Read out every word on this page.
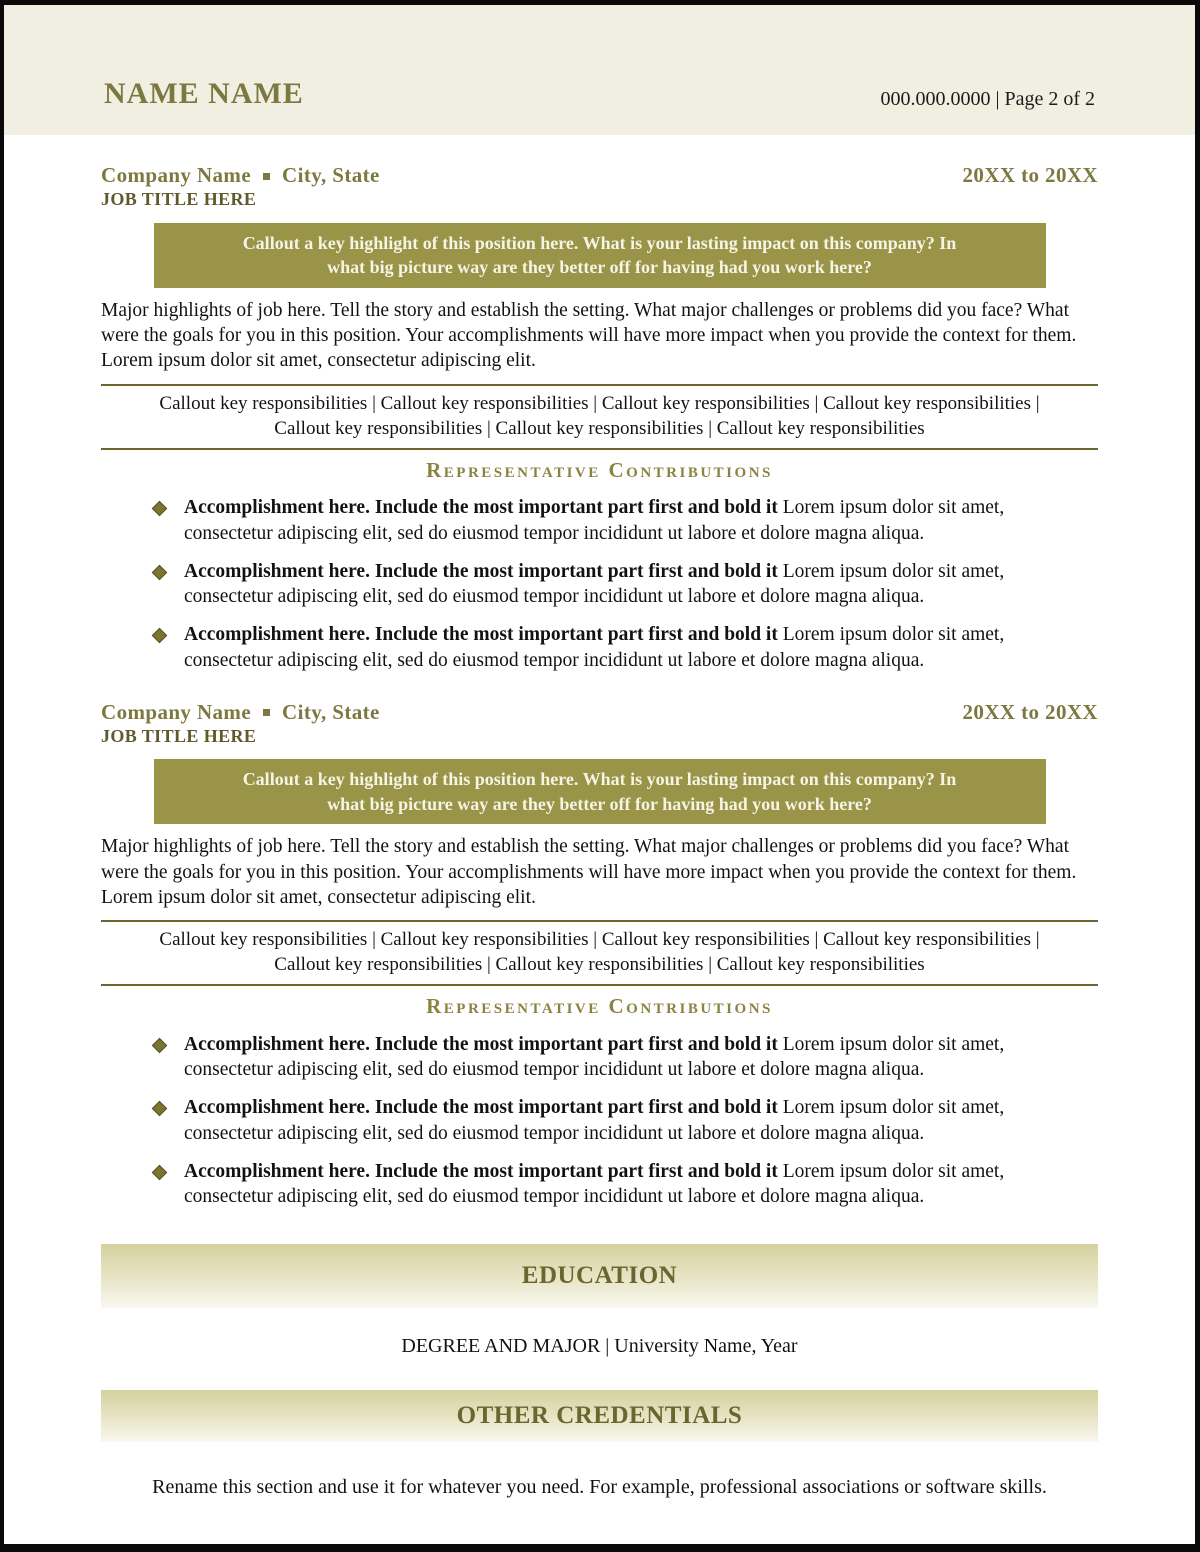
NAME NAME	000.000.0000 | Page 2 of 2
Company Name City, State	20XX to 20XX
JOB TITLE HERE
Callout a key highlight of this position here. What is your lasting impact on this company? In
what big picture way are they better off for having had you work here?
Major highlights of job here. Tell the story and establish the setting. What major challenges or problems did you face? What were the goals for you in this position. Your accomplishments will have more impact when you provide the context for them. Lorem ipsum dolor sit amet, consectetur adipiscing elit.
Callout key responsibilities | Callout key responsibilities | Callout key responsibilities | Callout key responsibilities |
Callout key responsibilities | Callout key responsibilities | Callout key responsibilities
Representative Contributions
Accomplishment here. Include the most important part first and bold it Lorem ipsum dolor sit amet, consectetur adipiscing elit, sed do eiusmod tempor incididunt ut labore et dolore magna aliqua.
Accomplishment here. Include the most important part first and bold it Lorem ipsum dolor sit amet, consectetur adipiscing elit, sed do eiusmod tempor incididunt ut labore et dolore magna aliqua.
Accomplishment here. Include the most important part first and bold it Lorem ipsum dolor sit amet, consectetur adipiscing elit, sed do eiusmod tempor incididunt ut labore et dolore magna aliqua.
Company Name City, State	20XX to 20XX
JOB TITLE HERE
Callout a key highlight of this position here. What is your lasting impact on this company? In
what big picture way are they better off for having had you work here?
Major highlights of job here. Tell the story and establish the setting. What major challenges or problems did you face? What were the goals for you in this position. Your accomplishments will have more impact when you provide the context for them. Lorem ipsum dolor sit amet, consectetur adipiscing elit.
Callout key responsibilities | Callout key responsibilities | Callout key responsibilities | Callout key responsibilities |
Callout key responsibilities | Callout key responsibilities | Callout key responsibilities
Representative Contributions
Accomplishment here. Include the most important part first and bold it Lorem ipsum dolor sit amet, consectetur adipiscing elit, sed do eiusmod tempor incididunt ut labore et dolore magna aliqua.
Accomplishment here. Include the most important part first and bold it Lorem ipsum dolor sit amet, consectetur adipiscing elit, sed do eiusmod tempor incididunt ut labore et dolore magna aliqua.
Accomplishment here. Include the most important part first and bold it Lorem ipsum dolor sit amet, consectetur adipiscing elit, sed do eiusmod tempor incididunt ut labore et dolore magna aliqua.
EDUCATION
DEGREE AND MAJOR | University Name, Year
OTHER CREDENTIALS
Rename this section and use it for whatever you need. For example, professional associations or software skills.
